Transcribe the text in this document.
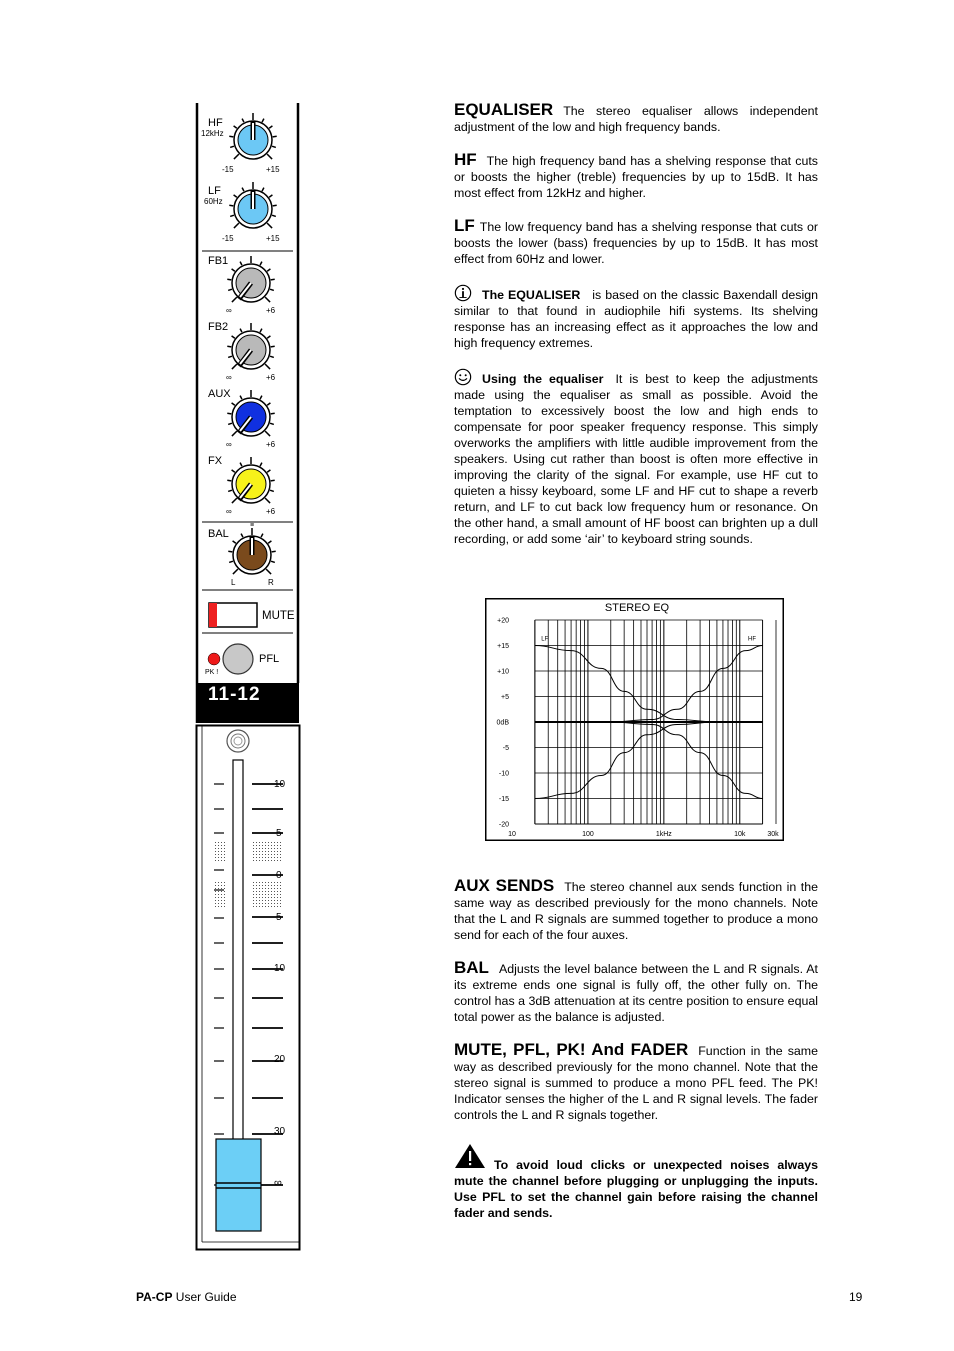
≡
HF
12kHz
-15	+15
LF
60Hz
-15	+15
FB1
∞	+6
FB2
∞	+6
AUX
∞	+6
FX
∞	+6
BAL
L	R
MUTE
PFL
PK !
11-12
10
5
0
5
10
20
30
∞

EQUALISER The stereo equaliser allows independent adjustment of the low and high frequency bands.

HF The high frequency band has a shelving response that cuts or boosts the higher (treble) frequencies by up to 15dB. It has most effect from 12kHz and higher.

LF The low frequency band has a shelving response that cuts or boosts the lower (bass) frequencies by up to 15dB. It has most effect from 60Hz and lower.

The EQUALISER is based on the classic Baxendall design similar to that found in audiophile hifi systems. Its shelving response has an increasing effect as it approaches the low and high frequency extremes.

Using the equaliser It is best to keep the adjustments made using the equaliser as small as possible. Avoid the temptation to excessively boost the low and high ends to compensate for poor speaker frequency response. This simply overworks the amplifiers with little audible improvement from the speakers. Using cut rather than boost is often more effective in improving the clarity of the signal. For example, use HF cut to quieten a hissy keyboard, some LF and HF cut to shape a reverb return, and LF to cut back low frequency hum or resonance. On the other hand, a small amount of HF boost can brighten up a dull recording, or add some ‘air’ to keyboard string sounds.

STEREO EQ
+20
+15
+10
+5
0dB
-5
-10
-15
-20
10	100	1kHz	10k	30k
LF	HF

AUX SENDS The stereo channel aux sends function in the same way as described previously for the mono channels. Note that the L and R signals are summed together to produce a mono send for each of the four auxes.

BAL Adjusts the level balance between the L and R signals. At its extreme ends one signal is fully off, the other fully on. The control has a 3dB attenuation at its centre position to ensure equal total power as the balance is adjusted.

MUTE, PFL, PK! And FADER Function in the same way as described previously for the mono channel. Note that the stereo signal is summed to produce a mono PFL feed. The PK! Indicator senses the higher of the L and R signal levels. The fader controls the L and R signals together.

To avoid loud clicks or unexpected noises always mute the channel before plugging or unplugging the inputs. Use PFL to set the channel gain before raising the channel fader and sends.

PA-CP User Guide	19
